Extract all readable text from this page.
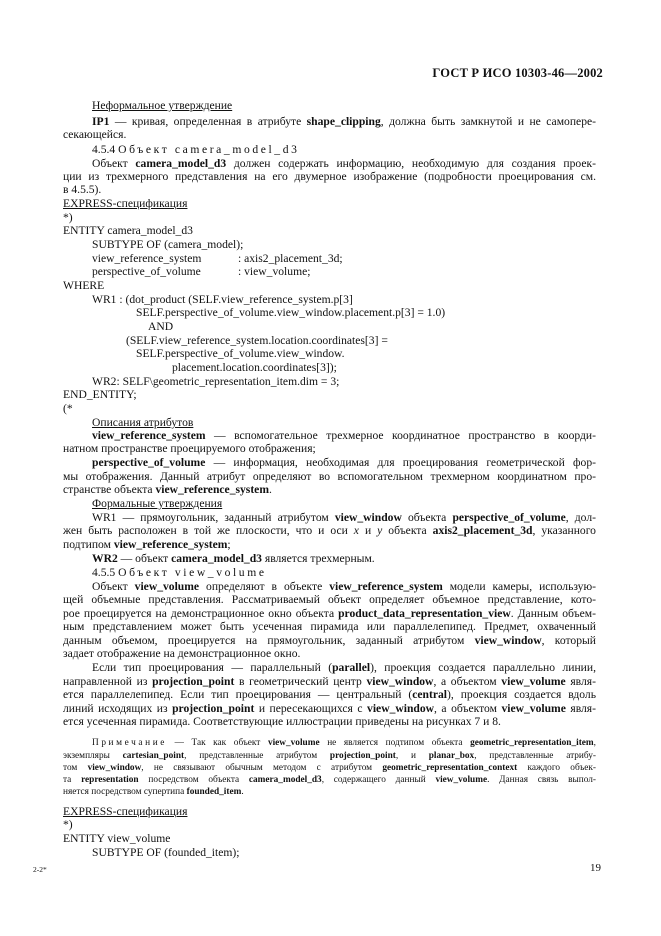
ГОСТ Р ИСО 10303-46—2002
Неформальное утверждение
IP1 — кривая, определенная в атрибуте shape_clipping, должна быть замкнутой и не самопере-
секающейся.
4.5.4 Объект camera_model_d3
Объект camera_model_d3 должен содержать информацию, необходимую для создания проек-
ции из трехмерного представления на его двумерное изображение (подробности проецирования см.
в 4.5.5).
EXPRESS-спецификация
*)
ENTITY camera_model_d3
SUBTYPE OF (camera_model);
view_reference_system	: axis2_placement_3d;
perspective_of_volume	: view_volume;
WHERE
WR1 : (dot_product (SELF.view_reference_system.p[3]
SELF.perspective_of_volume.view_window.placement.p[3] = 1.0)
AND
(SELF.view_reference_system.location.coordinates[3] =
SELF.perspective_of_volume.view_window.
placement.location.coordinates[3]);
WR2: SELF\geometric_representation_item.dim = 3;
END_ENTITY;
(*
Описания атрибутов
view_reference_system — вспомогательное трехмерное координатное пространство в коорди-
натном пространстве проецируемого отображения;
perspective_of_volume — информация, необходимая для проецирования геометрической фор-
мы отображения. Данный атрибут определяют во вспомогательном трехмерном координатном про-
странстве объекта view_reference_system.
Формальные утверждения
WR1 — прямоугольник, заданный атрибутом view_window объекта perspective_of_volume, дол-
жен быть расположен в той же плоскости, что и оси x и y объекта axis2_placement_3d, указанного
подтипом view_reference_system;
WR2 — объект camera_model_d3 является трехмерным.
4.5.5 Объект view_volume
Объект view_volume определяют в объекте view_reference_system модели камеры, использую-
щей объемные представления. Рассматриваемый объект определяет объемное представление, кото-
рое проецируется на демонстрационное окно объекта product_data_representation_view. Данным объем-
ным представлением может быть усеченная пирамида или параллелепипед. Предмет, охваченный
данным объемом, проецируется на прямоугольник, заданный атрибутом view_window, который
задает отображение на демонстрационное окно.
Если тип проецирования — параллельный (parallel), проекция создается параллельно линии,
направленной из projection_point в геометрический центр view_window, а объектом view_volume явля-
ется параллелепипед. Если тип проецирования — центральный (central), проекция создается вдоль
линий исходящих из projection_point и пересекающихся с view_window, а объектом view_volume явля-
ется усеченная пирамида. Соответствующие иллюстрации приведены на рисунках 7 и 8.
Примечание — Так как объект view_volume не является подтипом объекта geometric_representation_item,
экземпляры cartesian_point, представленные атрибутом projection_point, и planar_box, представленные атрибу-
том view_window, не связывают обычным методом с атрибутом geometric_representation_context каждого объек-
та representation посредством объекта camera_model_d3, содержащего данный view_volume. Данная связь выпол-
няется посредством супертипа founded_item.
EXPRESS-спецификация
*)
ENTITY view_volume
SUBTYPE OF (founded_item);
2-2*	19
